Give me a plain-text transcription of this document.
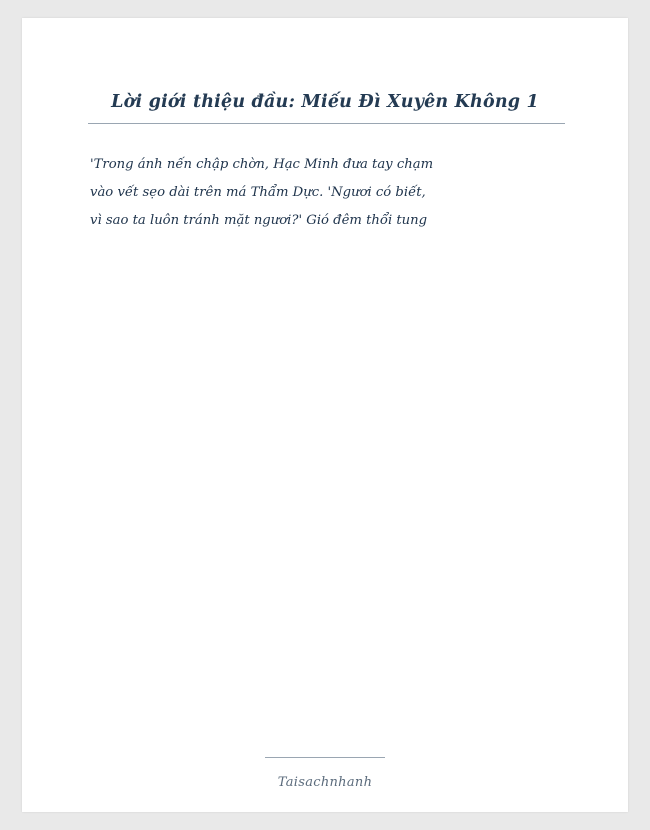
Lời giới thiệu đầu: Miếu Đì Xuyên Không 1
'Trong ánh nến chập chờn, Hạc Minh đưa tay chạm
vào vết sẹo dài trên má Thẩm Dực. 'Ngươi có biết,
vì sao ta luôn tránh mặt ngươi?' Gió đêm thổi tung
Taisachnhanh
